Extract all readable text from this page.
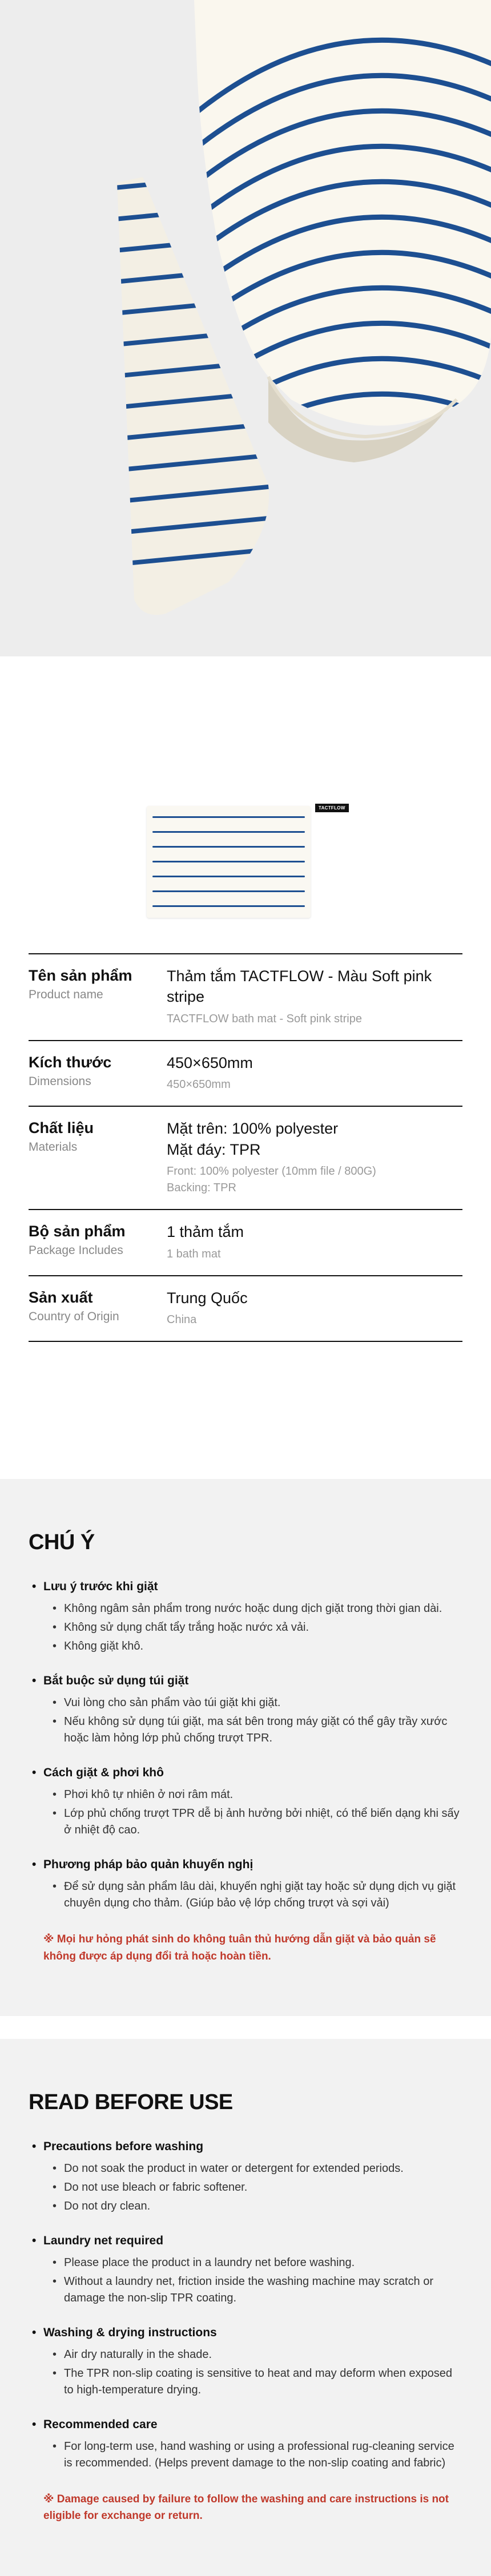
TACTFLOW
Tên sản phẩm
Product name
Thảm tắm TACTFLOW - Màu Soft pink stripe
TACTFLOW bath mat - Soft pink stripe
Kích thước
Dimensions
450×650mm
450×650mm
Chất liệu
Materials
Mặt trên: 100% polyester
Mặt đáy: TPR
Front: 100% polyester (10mm file / 800G)
Backing: TPR
Bộ sản phẩm
Package Includes
1 thảm tắm
1 bath mat
Sản xuất
Country of Origin
Trung Quốc
China
CHÚ Ý
• Lưu ý trước khi giặt
• Không ngâm sản phẩm trong nước hoặc dung dịch giặt trong thời gian dài.
• Không sử dụng chất tẩy trắng hoặc nước xả vải.
• Không giặt khô.
• Bắt buộc sử dụng túi giặt
• Vui lòng cho sản phẩm vào túi giặt khi giặt.
• Nếu không sử dụng túi giặt, ma sát bên trong máy giặt có thể gây trầy xước hoặc làm hỏng lớp phủ chống trượt TPR.
• Cách giặt & phơi khô
• Phơi khô tự nhiên ở nơi râm mát.
• Lớp phủ chống trượt TPR dễ bị ảnh hưởng bởi nhiệt, có thể biến dạng khi sấy ở nhiệt độ cao.
• Phương pháp bảo quản khuyến nghị
• Để sử dụng sản phẩm lâu dài, khuyến nghị giặt tay hoặc sử dụng dịch vụ giặt chuyên dụng cho thảm. (Giúp bảo vệ lớp chống trượt và sợi vải)

※ Mọi hư hỏng phát sinh do không tuân thủ hướng dẫn giặt và bảo quản sẽ không được áp dụng đổi trả hoặc hoàn tiền.

READ BEFORE USE
• Precautions before washing
• Do not soak the product in water or detergent for extended periods.
• Do not use bleach or fabric softener.
• Do not dry clean.
• Laundry net required
• Please place the product in a laundry net before washing.
• Without a laundry net, friction inside the washing machine may scratch or damage the non-slip TPR coating.
• Washing & drying instructions
• Air dry naturally in the shade.
• The TPR non-slip coating is sensitive to heat and may deform when exposed to high-temperature drying.
• Recommended care
• For long-term use, hand washing or using a professional rug-cleaning service is recommended. (Helps prevent damage to the non-slip coating and fabric)

※ Damage caused by failure to follow the washing and care instructions is not eligible for exchange or return.
